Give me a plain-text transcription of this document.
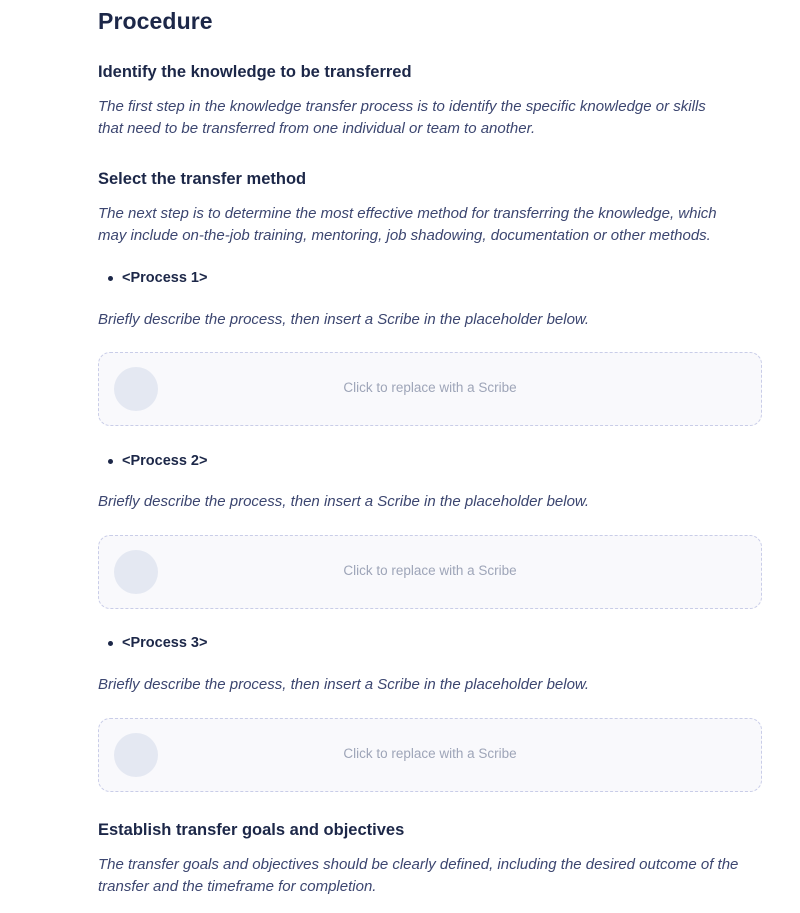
Procedure
Identify the knowledge to be transferred
The first step in the knowledge transfer process is to identify the specific knowledge or skills
that need to be transferred from one individual or team to another.
Select the transfer method
The next step is to determine the most effective method for transferring the knowledge, which
may include on-the-job training, mentoring, job shadowing, documentation or other methods.
<Process 1>
Briefly describe the process, then insert a Scribe in the placeholder below.
Click to replace with a Scribe
<Process 2>
Briefly describe the process, then insert a Scribe in the placeholder below.
Click to replace with a Scribe
<Process 3>
Briefly describe the process, then insert a Scribe in the placeholder below.
Click to replace with a Scribe
Establish transfer goals and objectives
The transfer goals and objectives should be clearly defined, including the desired outcome of the
transfer and the timeframe for completion.
